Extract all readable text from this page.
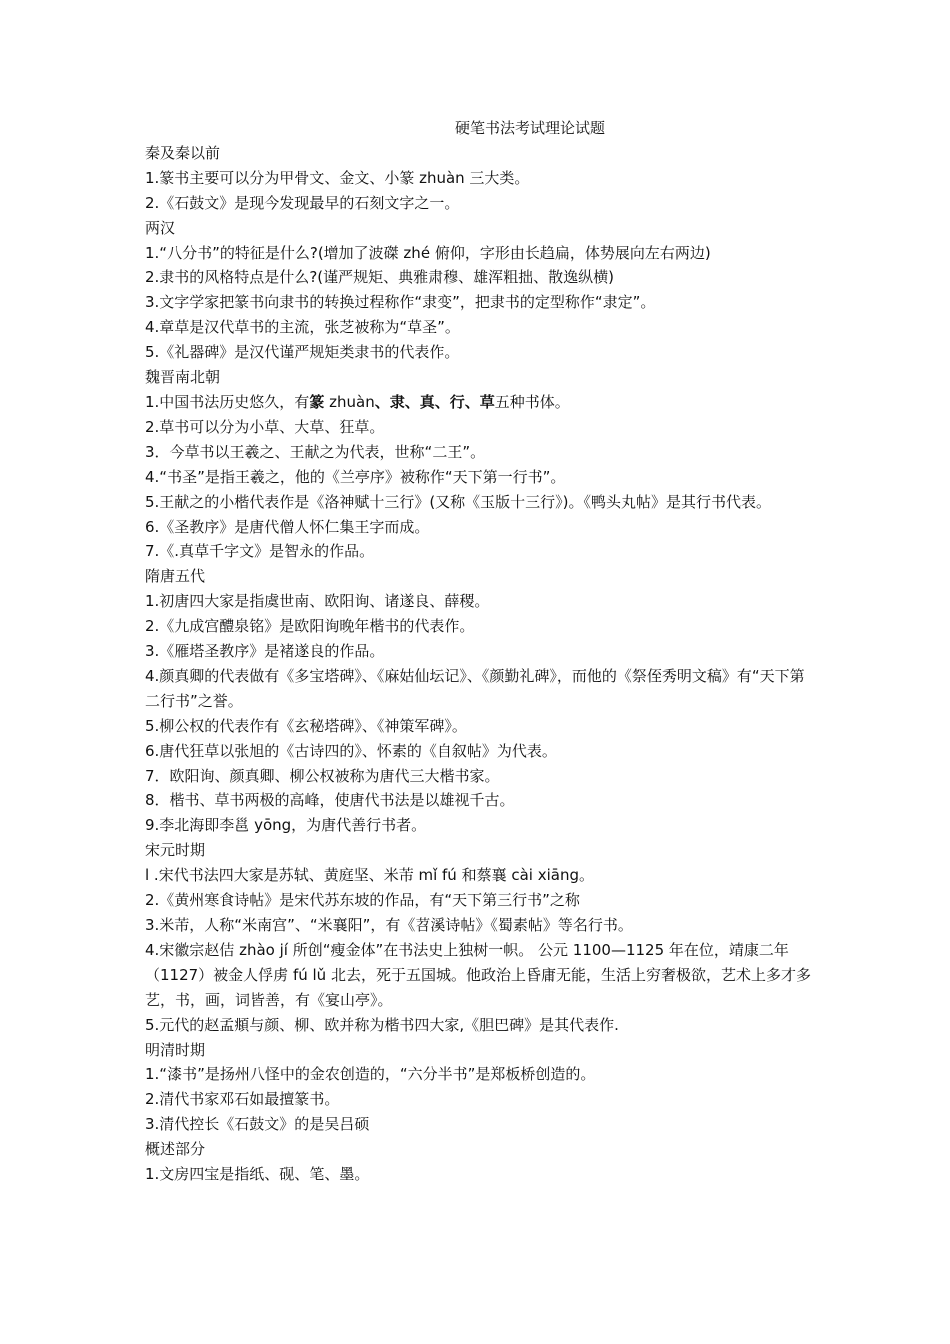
硬笔书法考试理论试题
秦及秦以前
1.篆书主要可以分为甲骨文、金文、小篆 zhuàn 三大类。
2.《石鼓文》是现今发现最早的石刻文字之一。
两汉
1.“八分书”的特征是什么?(增加了波磔 zhé 俯仰，字形由长趋扁，体势展向左右两边)
2.隶书的风格特点是什么?(谨严规矩、典雅肃穆、雄浑粗拙、散逸纵横)
3.文字学家把篆书向隶书的转换过程称作“隶变”，把隶书的定型称作“隶定”。
4.章草是汉代草书的主流，张芝被称为“草圣”。
5.《礼器碑》是汉代谨严规矩类隶书的代表作。
魏晋南北朝
1.中国书法历史悠久，有篆 zhuàn、隶、真、行、草五种书体。
2.草书可以分为小草、大草、狂草。
3．今草书以王羲之、王献之为代表，世称“二王”。
4.“书圣”是指王羲之，他的《兰亭序》被称作“天下第一行书”。
5.王献之的小楷代表作是《洛神赋十三行》(又称《玉版十三行》)。《鸭头丸帖》是其行书代表。
6.《圣教序》是唐代僧人怀仁集王字而成。
7.《.真草千字文》是智永的作品。
隋唐五代
1.初唐四大家是指虞世南、欧阳询、诸遂良、薛稷。
2.《九成宫醴泉铭》是欧阳询晚年楷书的代表作。
3.《雁塔圣教序》是褚遂良的作品。
4.颜真卿的代表做有《多宝塔碑》、《麻姑仙坛记》、《颜勤礼碑》，而他的《祭侄秀明文稿》有“天下第二行书”之誉。
5.柳公权的代表作有《玄秘塔碑》、《神策军碑》。
6.唐代狂草以张旭的《古诗四的》、怀素的《自叙帖》为代表。
7．欧阳询、颜真卿、柳公权被称为唐代三大楷书家。
8．楷书、草书两极的高峰，使唐代书法是以雄视千古。
9.李北海即李邕 yōng，为唐代善行书者。
宋元时期
l .宋代书法四大家是苏轼、黄庭坚、米芾 mǐ fú 和蔡襄 cài xiāng。
2.《黄州寒食诗帖》是宋代苏东坡的作品，有“天下第三行书”之称
3.米芾，人称“米南宫”、“米襄阳”，有《苕溪诗帖》《蜀素帖》等名行书。
4.宋徽宗赵佶 zhào jí 所创“瘦金体”在书法史上独树一帜。 公元 1100—1125 年在位，靖康二年（1127）被金人俘虏 fú lǔ 北去，死于五国城。他政治上昏庸无能，生活上穷奢极欲，艺术上多才多艺，书，画，词皆善，有《宴山亭》。
5.元代的赵孟頫与颜、柳、欧并称为楷书四大家,《胆巴碑》是其代表作.
明清时期
1.“漆书”是扬州八怪中的金农创造的，“六分半书”是郑板桥创造的。
2.清代书家邓石如最擅篆书。
3.清代控长《石鼓文》的是吴吕硕
概述部分
1.文房四宝是指纸、砚、笔、墨。
